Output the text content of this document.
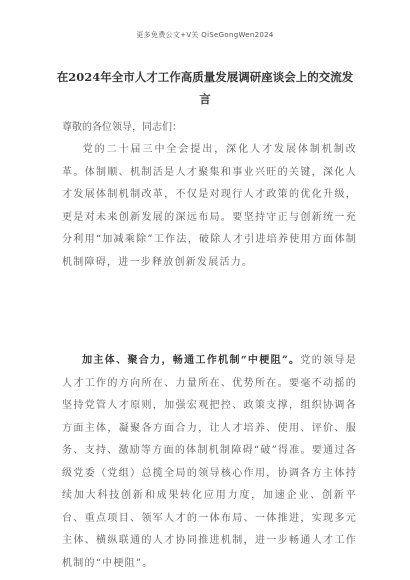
更多免费公文+V关 QiSeGongWen2024
在2024年全市人才工作高质量发展调研座谈会上的交流发言

尊敬的各位领导，同志们：

党的二十届三中全会提出，深化人才发展体制机制改革。体制顺、机制活是人才聚集和事业兴旺的关键，深化人才发展体制机制改革，不仅是对现行人才政策的优化升级，更是对未来创新发展的深远布局。要坚持守正与创新统一充分利用“加减乘除”工作法，破除人才引进培养使用方面体制机制障碍，进一步释放创新发展活力。

加主体、聚合力，畅通工作机制“中梗阻”。党的领导是人才工作的方向所在、力量所在、优势所在。要毫不动摇的坚持党管人才原则，加强宏观把控、政策支撑，组织协调各方面主体，凝聚各方面合力，让人才培养、使用、评价、服务、支持、激励等方面的体制机制障碍“破”得准。要通过各级党委（党组）总揽全局的领导核心作用，协调各方主体持续加大科技创新和成果转化应用力度，加速企业、创新平台、重点项目、领军人才的一体布局、一体推进，实现多元主体、横纵联通的人才协同推进机制，进一步畅通人才工作机制的“中梗阻”。
